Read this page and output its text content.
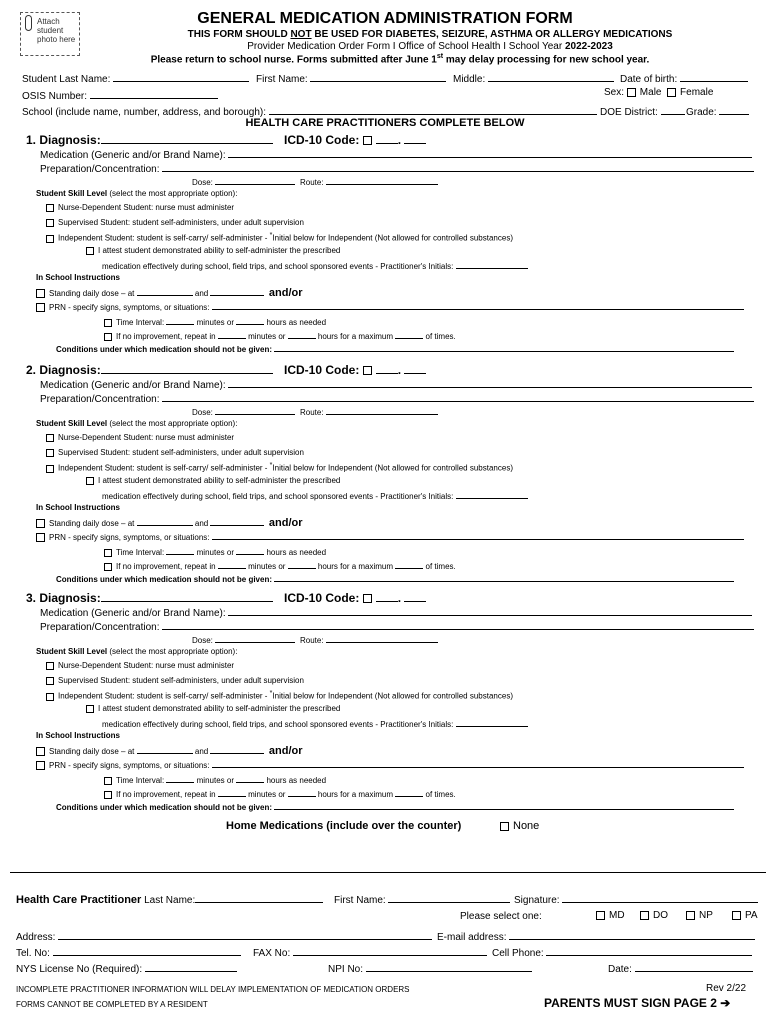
Attach
student
photo here
GENERAL MEDICATION ADMINISTRATION FORM
THIS FORM SHOULD NOT BE USED FOR DIABETES, SEIZURE, ASTHMA OR ALLERGY MEDICATIONS
Provider Medication Order Form I Office of School Health I School Year 2022-2023
Please return to school nurse. Forms submitted after June 1st may delay processing for new school year.
Student Last Name:	First Name:	Middle:	Date of birth:
OSIS Number:	Sex: Male Female
School (include name, number, address, and borough):	DOE District:	Grade:
HEALTH CARE PRACTITIONERS COMPLETE BELOW
1. Diagnosis:	ICD-10 Code:	.
Medication (Generic and/or Brand Name):
Preparation/Concentration:
Dose:	Route:
Student Skill Level (select the most appropriate option):
Nurse-Dependent Student: nurse must administer
Supervised Student: student self-administers, under adult supervision
Independent Student: student is self-carry/ self-administer - *Initial below for Independent (Not allowed for controlled substances)
I attest student demonstrated ability to self-administer the prescribed
medication effectively during school, field trips, and school sponsored events - Practitioner's Initials:
In School Instructions
Standing daily dose – at	and	and/or
PRN - specify signs, symptoms, or situations:
Time Interval:	minutes or	hours as needed
If no improvement, repeat in	minutes or	hours for a maximum	of times.
Conditions under which medication should not be given:
2. Diagnosis:	ICD-10 Code:	.
Medication (Generic and/or Brand Name):
Preparation/Concentration:
Dose:	Route:
Student Skill Level (select the most appropriate option):
Nurse-Dependent Student: nurse must administer
Supervised Student: student self-administers, under adult supervision
Independent Student: student is self-carry/ self-administer - *Initial below for Independent (Not allowed for controlled substances)
I attest student demonstrated ability to self-administer the prescribed
medication effectively during school, field trips, and school sponsored events - Practitioner's Initials:
In School Instructions
Standing daily dose – at	and	and/or
PRN - specify signs, symptoms, or situations:
Time Interval:	minutes or	hours as needed
If no improvement, repeat in	minutes or	hours for a maximum	of times.
Conditions under which medication should not be given:
3. Diagnosis:	ICD-10 Code:	.
Medication (Generic and/or Brand Name):
Preparation/Concentration:
Dose:	Route:
Student Skill Level (select the most appropriate option):
Nurse-Dependent Student: nurse must administer
Supervised Student: student self-administers, under adult supervision
Independent Student: student is self-carry/ self-administer - *Initial below for Independent (Not allowed for controlled substances)
I attest student demonstrated ability to self-administer the prescribed
medication effectively during school, field trips, and school sponsored events - Practitioner's Initials:
In School Instructions
Standing daily dose – at	and	and/or
PRN - specify signs, symptoms, or situations:
Time Interval:	minutes or	hours as needed
If no improvement, repeat in	minutes or	hours for a maximum	of times.
Conditions under which medication should not be given:
Home Medications (include over the counter)	None
Health Care Practitioner Last Name:	First Name:	Signature:
Please select one:	MD	DO	NP	PA
Address:	E-mail address:
Tel. No:	FAX No:	Cell Phone:
NYS License No (Required):	NPI No:	Date:
INCOMPLETE PRACTITIONER INFORMATION WILL DELAY IMPLEMENTATION OF MEDICATION ORDERS
FORMS CANNOT BE COMPLETED BY A RESIDENT
Rev 2/22
PARENTS MUST SIGN PAGE 2 ➔
